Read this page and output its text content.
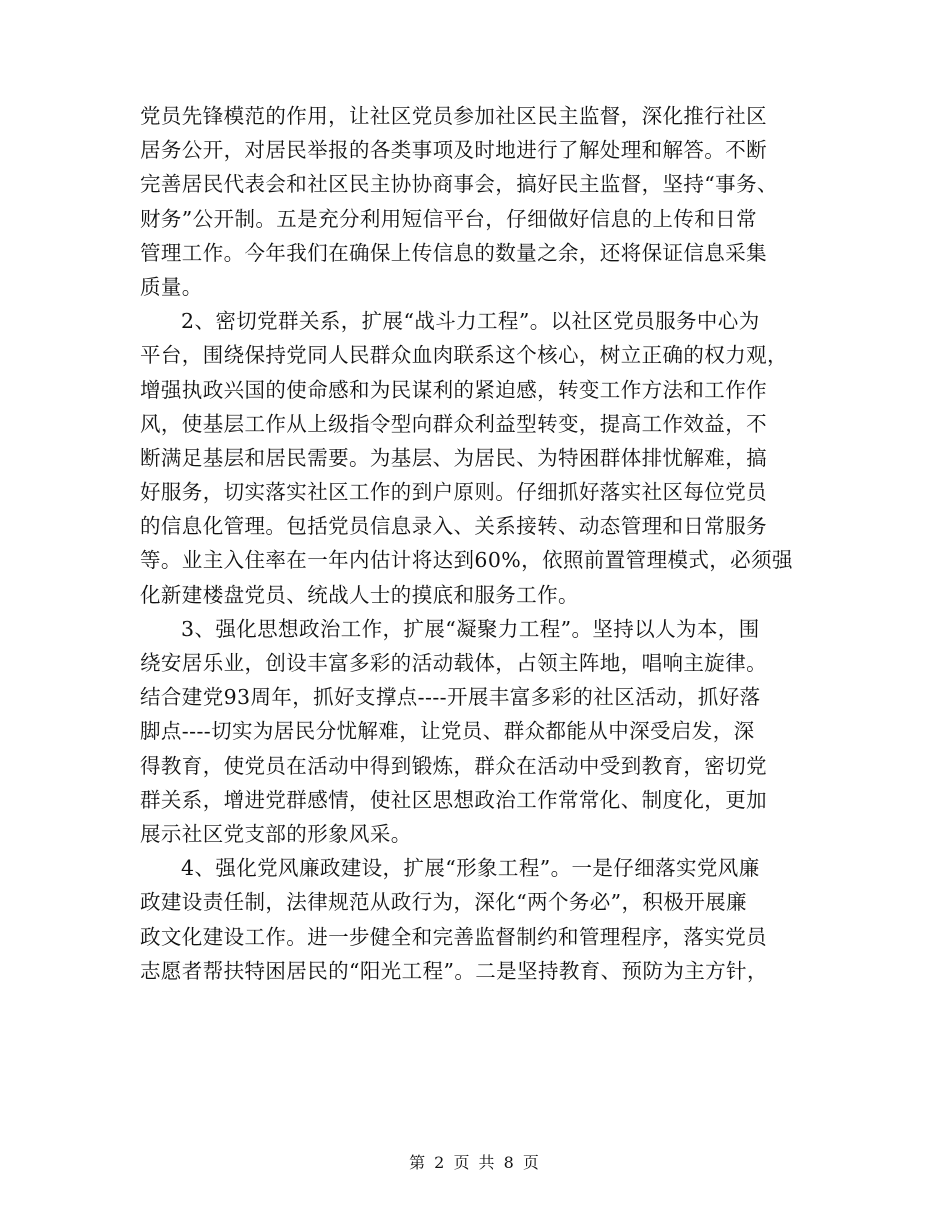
党员先锋模范的作用，让社区党员参加社区民主监督，深化推行社区
居务公开，对居民举报的各类事项及时地进行了解处理和解答。不断
完善居民代表会和社区民主协协商事会，搞好民主监督，坚持“事务、
财务”公开制。五是充分利用短信平台，仔细做好信息的上传和日常
管理工作。今年我们在确保上传信息的数量之余，还将保证信息采集
质量。
2、密切党群关系，扩展“战斗力工程”。以社区党员服务中心为
平台，围绕保持党同人民群众血肉联系这个核心，树立正确的权力观，
增强执政兴国的使命感和为民谋利的紧迫感，转变工作方法和工作作
风，使基层工作从上级指令型向群众利益型转变，提高工作效益，不
断满足基层和居民需要。为基层、为居民、为特困群体排忧解难，搞
好服务，切实落实社区工作的到户原则。仔细抓好落实社区每位党员
的信息化管理。包括党员信息录入、关系接转、动态管理和日常服务
等。业主入住率在一年内估计将达到60%，依照前置管理模式，必须强
化新建楼盘党员、统战人士的摸底和服务工作。
3、强化思想政治工作，扩展“凝聚力工程”。坚持以人为本，围
绕安居乐业，创设丰富多彩的活动载体，占领主阵地，唱响主旋律。
结合建党93周年，抓好支撑点----开展丰富多彩的社区活动，抓好落
脚点----切实为居民分忧解难，让党员、群众都能从中深受启发，深
得教育，使党员在活动中得到锻炼，群众在活动中受到教育，密切党
群关系，增进党群感情，使社区思想政治工作常常化、制度化，更加
展示社区党支部的形象风采。
4、强化党风廉政建设，扩展“形象工程”。一是仔细落实党风廉
政建设责任制，法律规范从政行为，深化“两个务必”，积极开展廉
政文化建设工作。进一步健全和完善监督制约和管理程序，落实党员
志愿者帮扶特困居民的“阳光工程”。二是坚持教育、预防为主方针，
第 2 页 共 8 页
